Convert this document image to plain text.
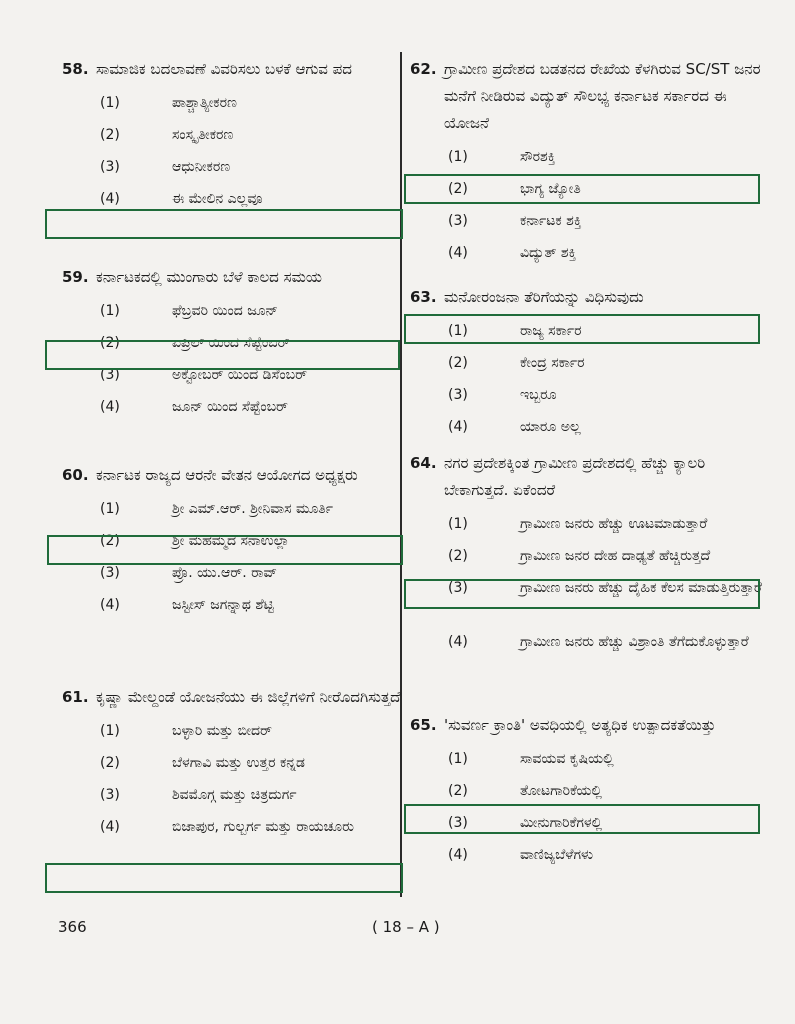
58. ಸಾಮಾಜಿಕ ಬದಲಾವಣೆ ವಿವರಿಸಲು ಬಳಕೆ ಆಗುವ ಪದ
(1)	ಪಾಶ್ಚಾತ್ಯೀಕರಣ
(2)	ಸಂಸ್ಕೃತೀಕರಣ
(3)	ಆಧುನೀಕರಣ
(4)	ಈ ಮೇಲಿನ ಎಲ್ಲವೂ
59. ಕರ್ನಾಟಕದಲ್ಲಿ ಮುಂಗಾರು ಬೆಳೆ ಕಾಲದ ಸಮಯ
(1)	ಫೆಬ್ರವರಿ ಯಿಂದ ಜೂನ್
(2)	ಏಪ್ರಿಲ್ ಯಿಂದ ಸೆಪ್ಟೆಂಬರ್
(3)	ಅಕ್ಟೋಬರ್ ಯಿಂದ ಡಿಸೆಂಬರ್
(4)	ಜೂನ್ ಯಿಂದ ಸೆಪ್ಟೆಂಬರ್
60. ಕರ್ನಾಟಕ ರಾಜ್ಯದ ಆರನೇ ವೇತನ ಆಯೋಗದ ಅಧ್ಯಕ್ಷರು
(1)	ಶ್ರೀ ಎಮ್.ಆರ್. ಶ್ರೀನಿವಾಸ ಮೂರ್ತಿ
(2)	ಶ್ರೀ ಮಹಮ್ಮದ ಸನಾಉಲ್ಲಾ
(3)	ಪ್ರೊ. ಯು.ಆರ್. ರಾವ್
(4)	ಜಸ್ಟೀಸ್ ಜಗನ್ನಾಥ ಶೆಟ್ಟಿ
61. ಕೃಷ್ಣಾ ಮೇಲ್ದಂಡೆ ಯೋಜನೆಯು ಈ ಜಿಲ್ಲೆಗಳಿಗೆ ನೀರೊದಗಿಸುತ್ತದೆ
(1)	ಬಳ್ಳಾರಿ ಮತ್ತು ಬೀದರ್
(2)	ಬೆಳಗಾವಿ ಮತ್ತು ಉತ್ತರ ಕನ್ನಡ
(3)	ಶಿವಮೊಗ್ಗ ಮತ್ತು ಚಿತ್ರದುರ್ಗ
(4)	ಬಿಜಾಪುರ, ಗುಲ್ಬರ್ಗ ಮತ್ತು ರಾಯಚೂರು
62. ಗ್ರಾಮೀಣ ಪ್ರದೇಶದ ಬಡತನದ ರೇಖೆಯ ಕೆಳಗಿರುವ SC/ST ಜನರ ಮನೆಗೆ ನೀಡಿರುವ ವಿದ್ಯುತ್ ಸೌಲಭ್ಯ ಕರ್ನಾಟಕ ಸರ್ಕಾರದ ಈ ಯೋಜನೆ
(1)	ಸೌರಶಕ್ತಿ
(2)	ಭಾಗ್ಯ ಜ್ಯೋತಿ
(3)	ಕರ್ನಾಟಕ ಶಕ್ತಿ
(4)	ವಿದ್ಯುತ್ ಶಕ್ತಿ
63. ಮನೋರಂಜನಾ ತೆರಿಗೆಯನ್ನು ವಿಧಿಸುವುದು
(1)	ರಾಜ್ಯ ಸರ್ಕಾರ
(2)	ಕೇಂದ್ರ ಸರ್ಕಾರ
(3)	ಇಬ್ಬರೂ
(4)	ಯಾರೂ ಅಲ್ಲ
64. ನಗರ ಪ್ರದೇಶಕ್ಕಿಂತ ಗ್ರಾಮೀಣ ಪ್ರದೇಶದಲ್ಲಿ ಹೆಚ್ಚು ಕ್ಯಾಲರಿ ಬೇಕಾಗುತ್ತದೆ. ಏಕೆಂದರೆ
(1)	ಗ್ರಾಮೀಣ ಜನರು ಹೆಚ್ಚು ಊಟಮಾಡುತ್ತಾರೆ
(2)	ಗ್ರಾಮೀಣ ಜನರ ದೇಹ ದಾಢ್ಯತೆ ಹೆಚ್ಚಿರುತ್ತದೆ
(3)	ಗ್ರಾಮೀಣ ಜನರು ಹೆಚ್ಚು ದೈಹಿಕ ಕೆಲಸ ಮಾಡುತ್ತಿರುತ್ತಾರೆ
(4)	ಗ್ರಾಮೀಣ ಜನರು ಹೆಚ್ಚು ವಿಶ್ರಾಂತಿ ತೆಗೆದುಕೊಳ್ಳುತ್ತಾರೆ
65. 'ಸುವರ್ಣ ಕ್ರಾಂತಿ' ಅವಧಿಯಲ್ಲಿ ಅತ್ಯಧಿಕ ಉತ್ಪಾದಕತೆಯಿತ್ತು
(1)	ಸಾವಯವ ಕೃಷಿಯಲ್ಲಿ
(2)	ತೋಟಗಾರಿಕೆಯಲ್ಲಿ
(3)	ಮೀನುಗಾರಿಕೆಗಳಲ್ಲಿ
(4)	ವಾಣಿಜ್ಯಬೆಳೆಗಳು
366	( 18 – A )
